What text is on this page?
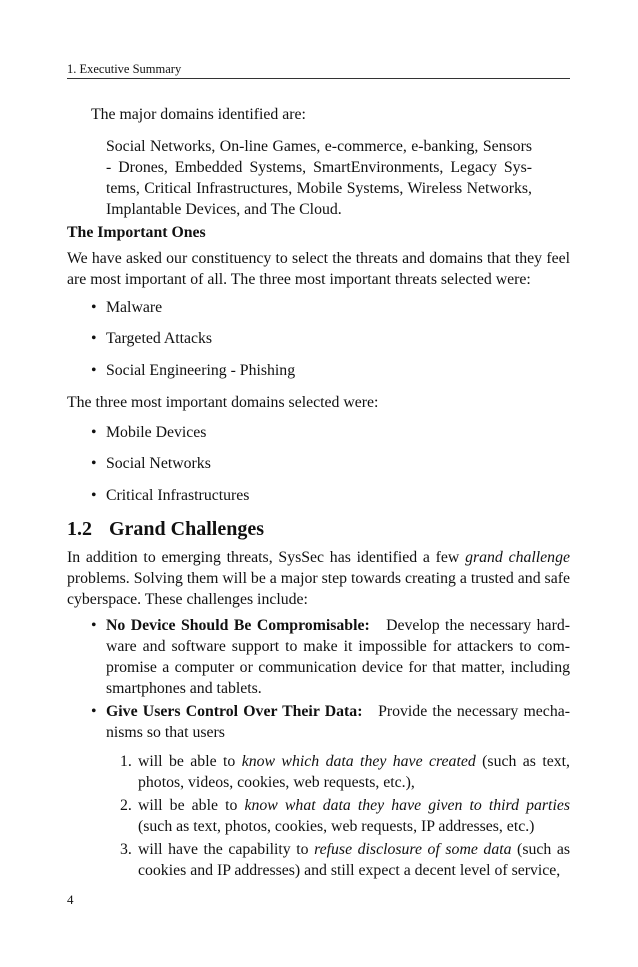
1. Executive Summary

The major domains identified are:

Social Networks, On-line Games, e-commerce, e-banking, Sensors - Drones, Embedded Systems, SmartEnvironments, Legacy Sys-tems, Critical Infrastructures, Mobile Systems, Wireless Networks, Implantable Devices, and The Cloud.

The Important Ones

We have asked our constituency to select the threats and domains that they feel are most important of all. The three most important threats selected were:

• Malware
• Targeted Attacks
• Social Engineering - Phishing

The three most important domains selected were:

• Mobile Devices
• Social Networks
• Critical Infrastructures
1.2 Grand Challenges

In addition to emerging threats, SysSec has identified a few grand challenge problems. Solving them will be a major step towards creating a trusted and safe cyberspace. These challenges include:

• No Device Should Be Compromisable: Develop the necessary hard-ware and software support to make it impossible for attackers to com-promise a computer or communication device for that matter, including smartphones and tablets.

• Give Users Control Over Their Data: Provide the necessary mecha-nisms so that users

1. will be able to know which data they have created (such as text, photos, videos, cookies, web requests, etc.),
2. will be able to know what data they have given to third parties (such as text, photos, cookies, web requests, IP addresses, etc.)
3. will have the capability to refuse disclosure of some data (such as cookies and IP addresses) and still expect a decent level of service,
4
